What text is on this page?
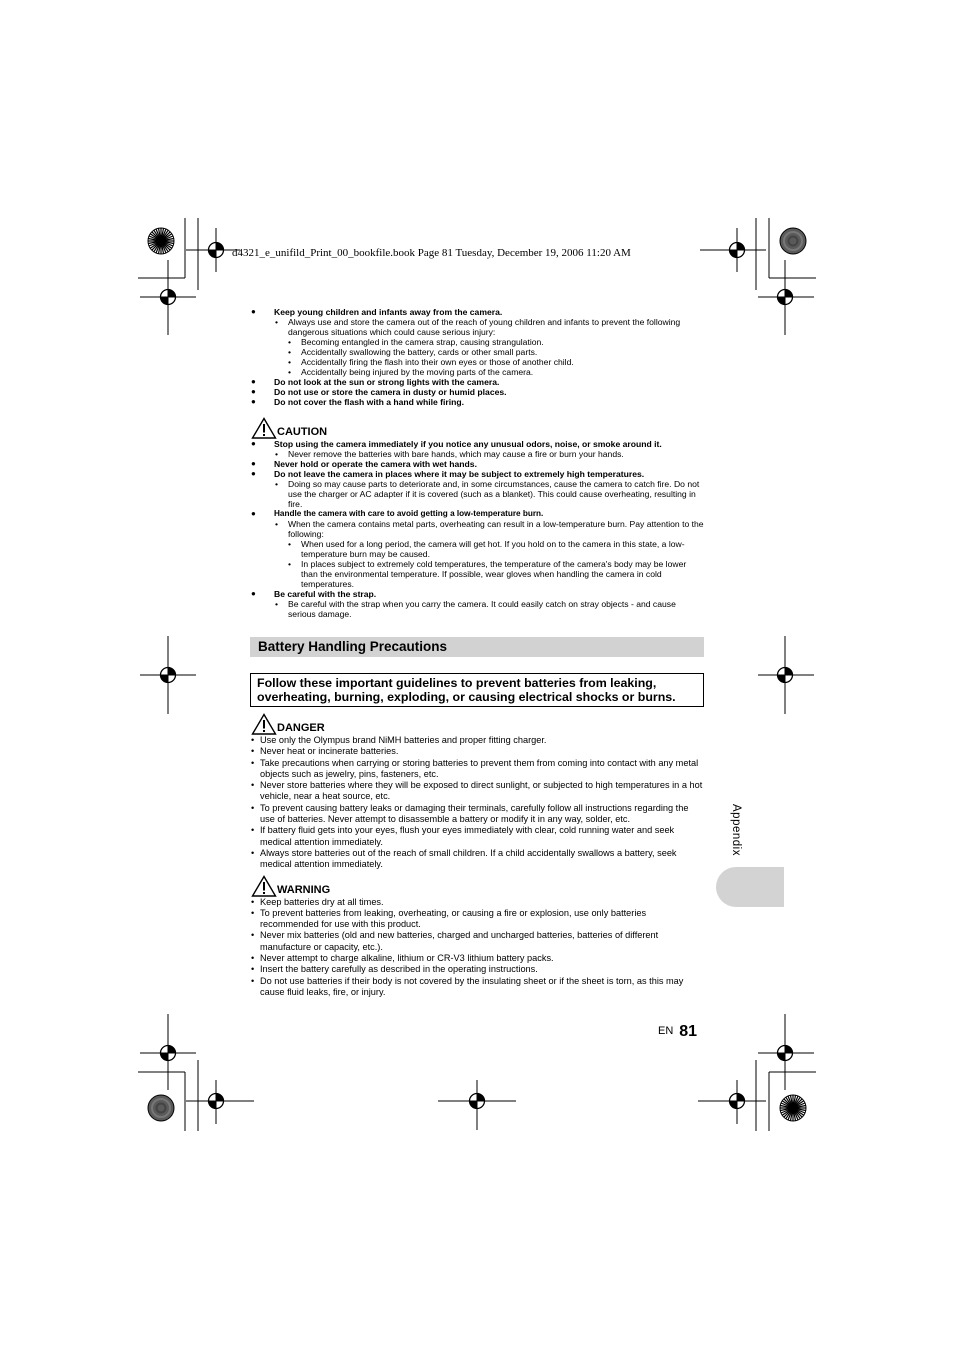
d4321_e_unifild_Print_00_bookfile.book Page 81 Tuesday, December 19, 2006 11:20 AM
● Keep young children and infants away from the camera.
• Always use and store the camera out of the reach of young children and infants to prevent the following dangerous situations which could cause serious injury:
• Becoming entangled in the camera strap, causing strangulation.
• Accidentally swallowing the battery, cards or other small parts.
• Accidentally firing the flash into their own eyes or those of another child.
• Accidentally being injured by the moving parts of the camera.
● Do not look at the sun or strong lights with the camera.
● Do not use or store the camera in dusty or humid places.
● Do not cover the flash with a hand while firing.
CAUTION
● Stop using the camera immediately if you notice any unusual odors, noise, or smoke around it.
• Never remove the batteries with bare hands, which may cause a fire or burn your hands.
● Never hold or operate the camera with wet hands.
● Do not leave the camera in places where it may be subject to extremely high temperatures.
• Doing so may cause parts to deteriorate and, in some circumstances, cause the camera to catch fire. Do not use the charger or AC adapter if it is covered (such as a blanket). This could cause overheating, resulting in fire.
● Handle the camera with care to avoid getting a low-temperature burn.
• When the camera contains metal parts, overheating can result in a low-temperature burn. Pay attention to the following:
• When used for a long period, the camera will get hot. If you hold on to the camera in this state, a low-temperature burn may be caused.
• In places subject to extremely cold temperatures, the temperature of the camera's body may be lower than the environmental temperature. If possible, wear gloves when handling the camera in cold temperatures.
● Be careful with the strap.
• Be careful with the strap when you carry the camera. It could easily catch on stray objects - and cause serious damage.
Battery Handling Precautions
Follow these important guidelines to prevent batteries from leaking, overheating, burning, exploding, or causing electrical shocks or burns.
DANGER
• Use only the Olympus brand NiMH batteries and proper fitting charger.
• Never heat or incinerate batteries.
• Take precautions when carrying or storing batteries to prevent them from coming into contact with any metal objects such as jewelry, pins, fasteners, etc.
• Never store batteries where they will be exposed to direct sunlight, or subjected to high temperatures in a hot vehicle, near a heat source, etc.
• To prevent causing battery leaks or damaging their terminals, carefully follow all instructions regarding the use of batteries. Never attempt to disassemble a battery or modify it in any way, solder, etc.
• If battery fluid gets into your eyes, flush your eyes immediately with clear, cold running water and seek medical attention immediately.
• Always store batteries out of the reach of small children. If a child accidentally swallows a battery, seek medical attention immediately.
WARNING
• Keep batteries dry at all times.
• To prevent batteries from leaking, overheating, or causing a fire or explosion, use only batteries recommended for use with this product.
• Never mix batteries (old and new batteries, charged and uncharged batteries, batteries of different manufacture or capacity, etc.).
• Never attempt to charge alkaline, lithium or CR-V3 lithium battery packs.
• Insert the battery carefully as described in the operating instructions.
• Do not use batteries if their body is not covered by the insulating sheet or if the sheet is torn, as this may cause fluid leaks, fire, or injury.
Appendix
EN 81
